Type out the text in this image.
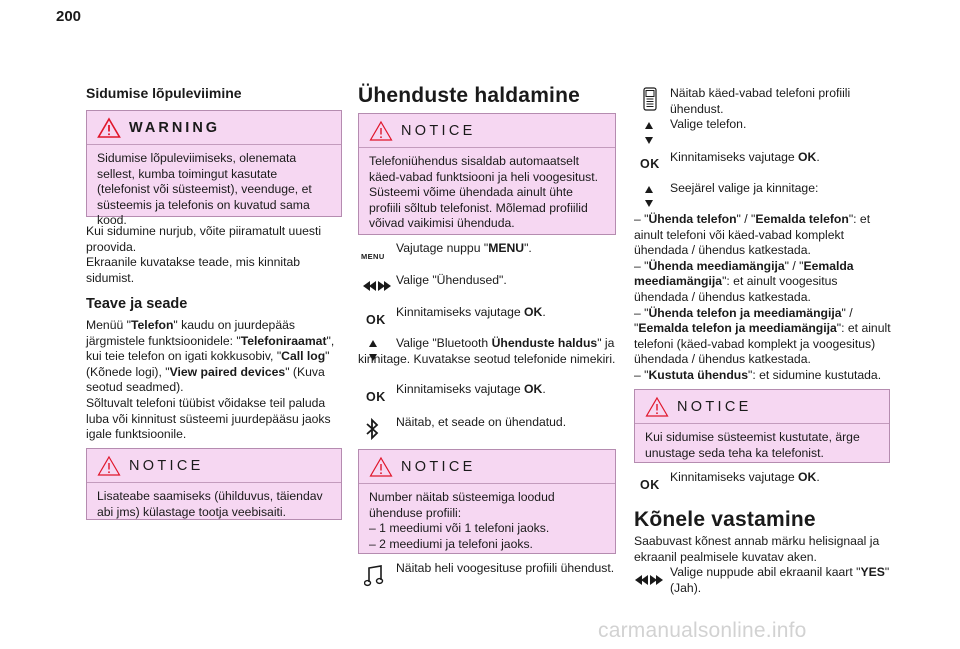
200
Sidumise lõpuleviimine
WARNING
Sidumise lõpuleviimiseks, olenemata sellest, kumba toimingut kasutate (telefonist või süsteemist), veenduge, et süsteemis ja telefonis on kuvatud sama kood.

Kui sidumine nurjub, võite piiramatult uuesti proovida.
Ekraanile kuvatakse teade, mis kinnitab sidumist.

Teave ja seade

Menüü "Telefon" kaudu on juurdepääs järgmistele funktsioonidele: "Telefoniraamat", kui teie telefon on igati kokkusobiv, "Call log" (Kõnede logi), "View paired devices" (Kuva seotud seadmed).
Sõltuvalt telefoni tüübist võidakse teil paluda luba või kinnitust süsteemi juurdepääsu jaoks igale funktsioonile.

NOTICE
Lisateabe saamiseks (ühilduvus, täiendav abi jms) külastage tootja veebisaiti.
Ühenduste haldamine
NOTICE
Telefoniühendus sisaldab automaatselt käed-vabad funktsiooni ja heli voogesitust. Süsteemi võime ühendada ainult ühte profiili sõltub telefonist. Mõlemad profiilid võivad vaikimisi ühenduda.
MENU
Vajutage nuppu "MENU".
Valige "Ühendused".
OK
Kinnitamiseks vajutage OK.
Valige "Bluetooth Ühenduste haldus" ja kinnitage. Kuvatakse seotud telefonide nimekiri.
OK
Kinnitamiseks vajutage OK.
Näitab, et seade on ühendatud.
NOTICE
Number näitab süsteemiga loodud ühenduse profiili:
– 1 meediumi või 1 telefoni jaoks.
– 2 meediumi ja telefoni jaoks.
Näitab heli voogesituse profiili ühendust.
Näitab käed-vabad telefoni profiili ühendust.
Valige telefon.
OK Kinnitamiseks vajutage OK.
Seejärel valige ja kinnitage:
– "Ühenda telefon" / "Eemalda telefon": et ainult telefoni või käed-vabad komplekt ühendada / ühendus katkestada.
– "Ühenda meediamängija" / "Eemalda meediamängija": et ainult voogesitus ühendada / ühendus katkestada.
– "Ühenda telefon ja meediamängija" / "Eemalda telefon ja meediamängija": et ainult telefoni (käed-vabad komplekt ja voogesitus) ühendada / ühendus katkestada.
– "Kustuta ühendus": et sidumine kustutada.
NOTICE
Kui sidumise süsteemist kustutate, ärge unustage seda teha ka telefonist.
OK
Kinnitamiseks vajutage OK.
Kõnele vastamine

Saabuvast kõnest annab märku helisignaal ja ekraanil pealmisele kuvatav aken.

Valige nuppude abil ekraanil kaart "YES" (Jah).
carmanualsonline.info
